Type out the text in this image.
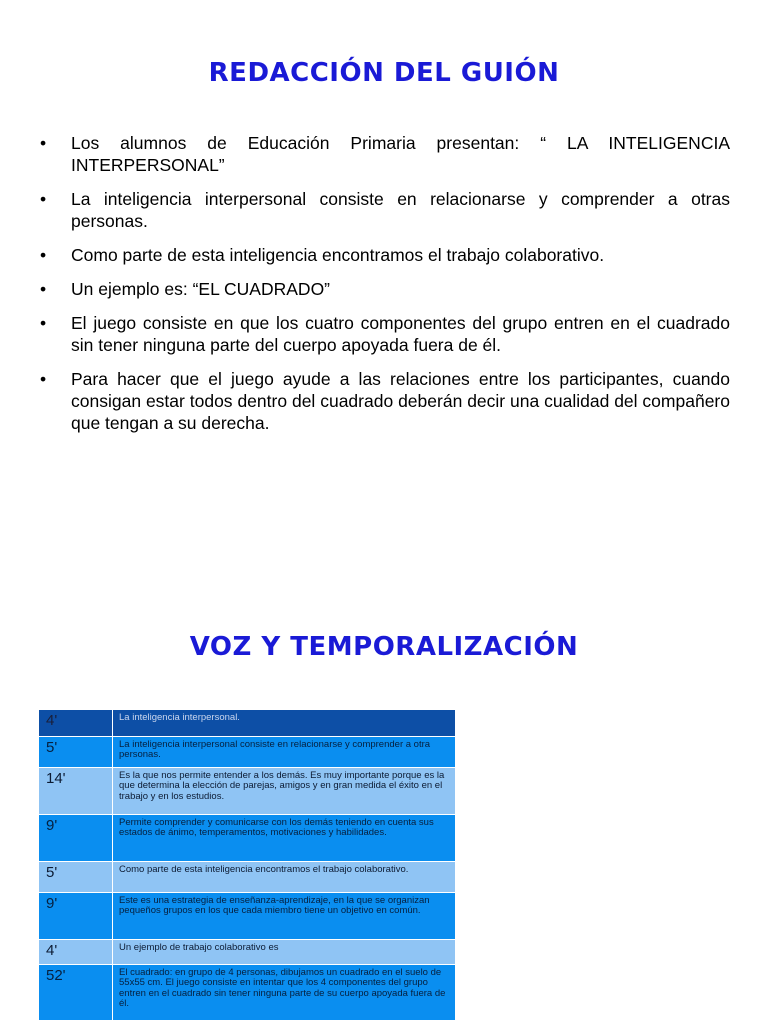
REDACCIÓN DEL GUIÓN
•	Los alumnos de Educación Primaria presentan: “ LA INTELIGENCIA INTERPERSONAL”
•	La inteligencia interpersonal consiste en relacionarse y comprender a otras personas.
•	Como parte de esta inteligencia encontramos el trabajo colaborativo.
•	Un ejemplo es: “EL CUADRADO”
•	El juego consiste en que los cuatro componentes del grupo entren en el cuadrado sin tener ninguna parte del cuerpo apoyada fuera de él.
•	Para hacer que el juego ayude a las relaciones entre los participantes, cuando consigan estar todos dentro del cuadrado deberán decir una cualidad del compañero que tengan a su derecha.
VOZ Y TEMPORALIZACIÓN
4'	La inteligencia interpersonal.
5'	La inteligencia interpersonal consiste en relacionarse y comprender a otra personas.
14'	Es la que nos permite entender a los demás. Es muy importante porque es la que determina la elección de parejas, amigos y en gran medida el éxito en el trabajo y en los estudios.
9'	Permite comprender y comunicarse con los demás teniendo en cuenta sus estados de ánimo, temperamentos, motivaciones y habilidades.
5'	Como parte de esta inteligencia encontramos el trabajo colaborativo.
9'	Este es una estrategia de enseñanza-aprendizaje, en la que se organizan pequeños grupos en los que cada miembro tiene un objetivo en común.
4'	Un ejemplo de trabajo colaborativo es
52'	El cuadrado: en grupo de 4 personas, dibujamos un cuadrado en el suelo de 55x55 cm. El juego consiste en intentar que los 4 componentes del grupo entren en el cuadrado sin tener ninguna parte de su cuerpo apoyada fuera de él.
